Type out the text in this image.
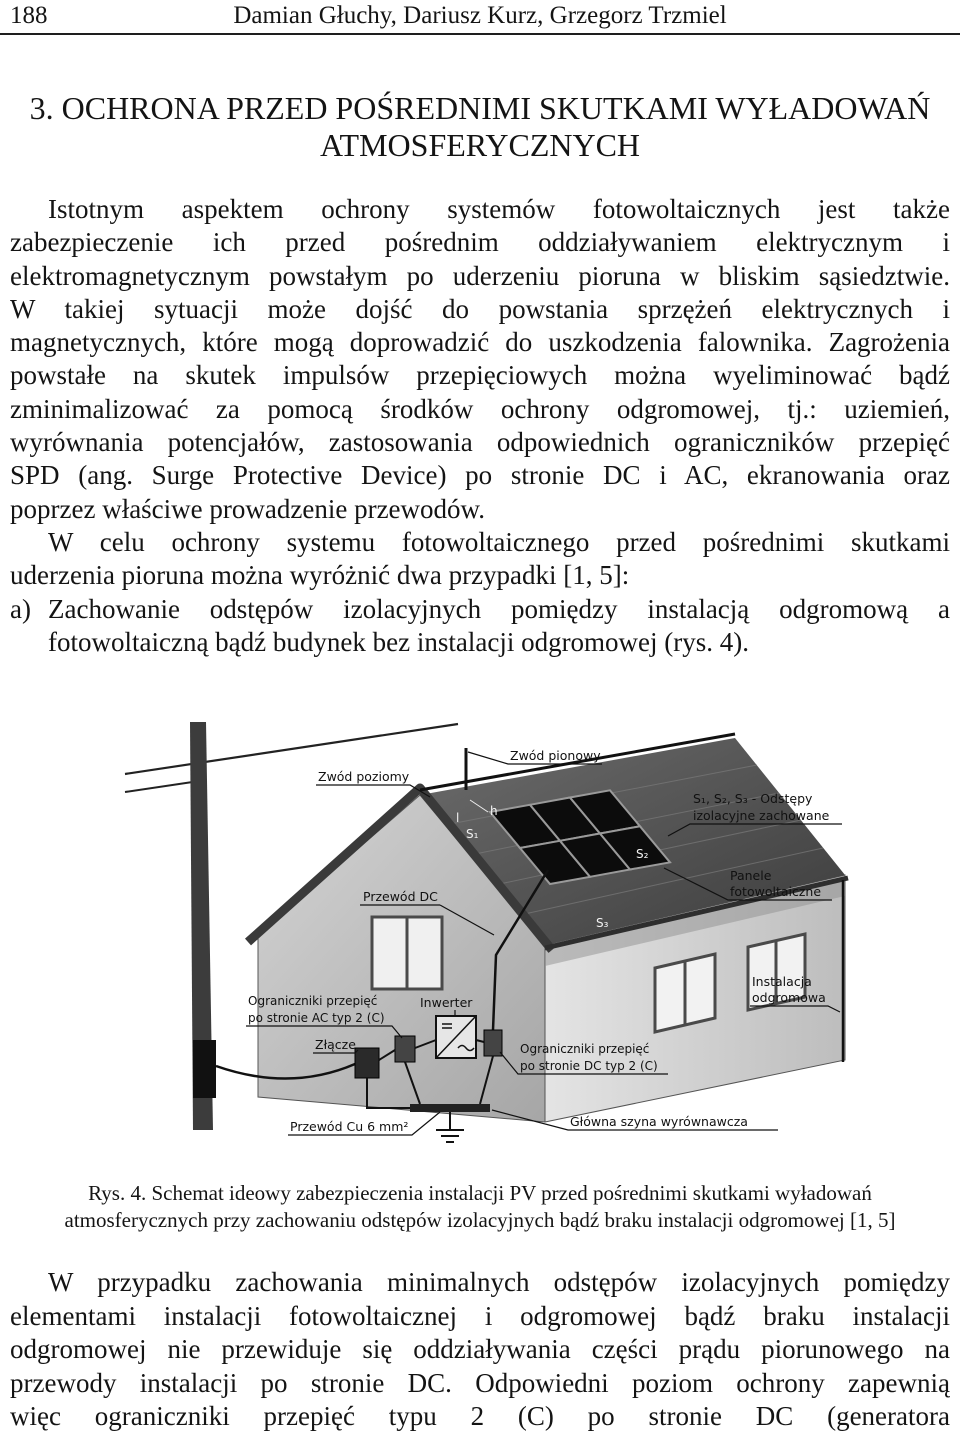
188	Damian Głuchy, Dariusz Kurz, Grzegorz Trzmiel
3. OCHRONA PRZED POŚREDNIMI SKUTKAMI WYŁADOWAŃ
ATMOSFERYCZNYCH
Istotnym aspektem ochrony systemów fotowoltaicznych jest także
zabezpieczenie ich przed pośrednim oddziaływaniem elektrycznym i
elektromagnetycznym powstałym po uderzeniu pioruna w bliskim sąsiedztwie.
W takiej sytuacji może dojść do powstania sprzężeń elektrycznych i
magnetycznych, które mogą doprowadzić do uszkodzenia falownika. Zagrożenia
powstałe na skutek impulsów przepięciowych można wyeliminować bądź
zminimalizować za pomocą środków ochrony odgromowej, tj.: uziemień,
wyrównania potencjałów, zastosowania odpowiednich ograniczników przepięć
SPD (ang. Surge Protective Device) po stronie DC i AC, ekranowania oraz
poprzez właściwe prowadzenie przewodów.
W celu ochrony systemu fotowoltaicznego przed pośrednimi skutkami
uderzenia pioruna można wyróżnić dwa przypadki [1, 5]:
a) Zachowanie odstępów izolacyjnych pomiędzy instalacją odgromową a
fotowoltaiczną bądź budynek bez instalacji odgromowej (rys. 4).
Zwód pionowy
Zwód poziomy
S₁, S₂, S₃ - Odstępy
izolacyjne zachowane
h
l
S₁
S₂
S₃
Panele
fotowoltaiczne
Przewód DC
Instalacja
odgromowa
Ograniczniki przepięć
po stronie AC typ 2 (C)
Inwerter
Złącze	Ograniczniki przepięć
po stronie DC typ 2 (C)
Przewód Cu 6 mm²	Główna szyna wyrównawcza
Rys. 4. Schemat ideowy zabezpieczenia instalacji PV przed pośrednimi skutkami wyładowań
atmosferycznych przy zachowaniu odstępów izolacyjnych bądź braku instalacji odgromowej [1, 5]
W przypadku zachowania minimalnych odstępów izolacyjnych pomiędzy
elementami instalacji fotowoltaicznej i odgromowej bądź braku instalacji
odgromowej nie przewiduje się oddziaływania części prądu piorunowego na
przewody instalacji po stronie DC. Odpowiedni poziom ochrony zapewnią
więc ograniczniki przepięć typu 2 (C) po stronie DC (generatora
